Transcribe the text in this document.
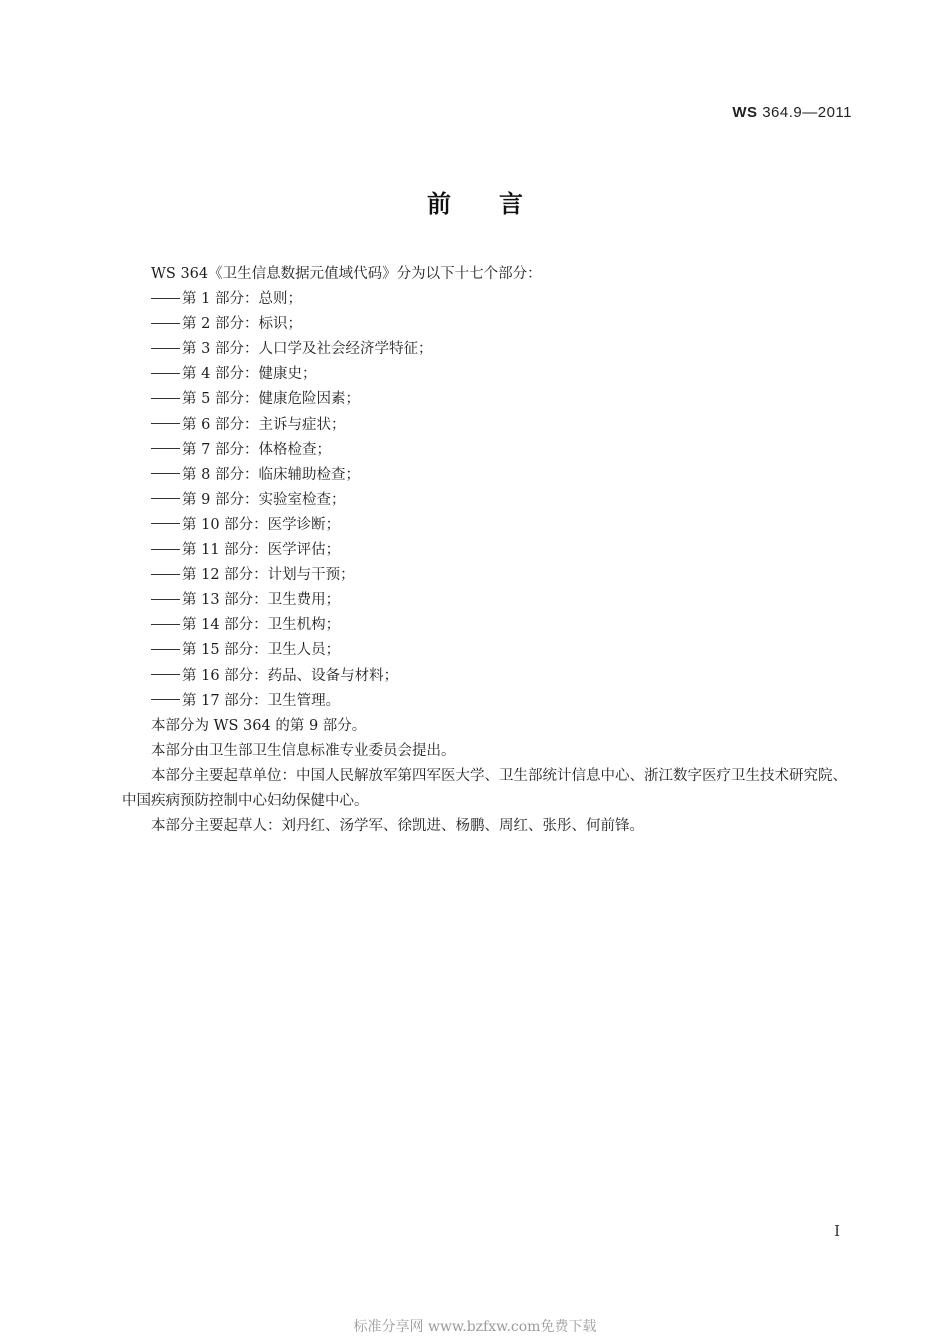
WS 364.9—2011
前言
WS 364《卫生信息数据元值域代码》分为以下十七个部分：
第 1 部分：总则；
第 2 部分：标识；
第 3 部分：人口学及社会经济学特征；
第 4 部分：健康史；
第 5 部分：健康危险因素；
第 6 部分：主诉与症状；
第 7 部分：体格检查；
第 8 部分：临床辅助检查；
第 9 部分：实验室检查；
第 10 部分：医学诊断；
第 11 部分：医学评估；
第 12 部分：计划与干预；
第 13 部分：卫生费用；
第 14 部分：卫生机构；
第 15 部分：卫生人员；
第 16 部分：药品、设备与材料；
第 17 部分：卫生管理。
本部分为 WS 364 的第 9 部分。
本部分由卫生部卫生信息标准专业委员会提出。
本部分主要起草单位：中国人民解放军第四军医大学、卫生部统计信息中心、浙江数字医疗卫生技术研究院、中国疾病预防控制中心妇幼保健中心。
本部分主要起草人：刘丹红、汤学军、徐凯进、杨鹏、周红、张彤、何前锋。
I
标准分享网 www.bzfxw.com免费下载
